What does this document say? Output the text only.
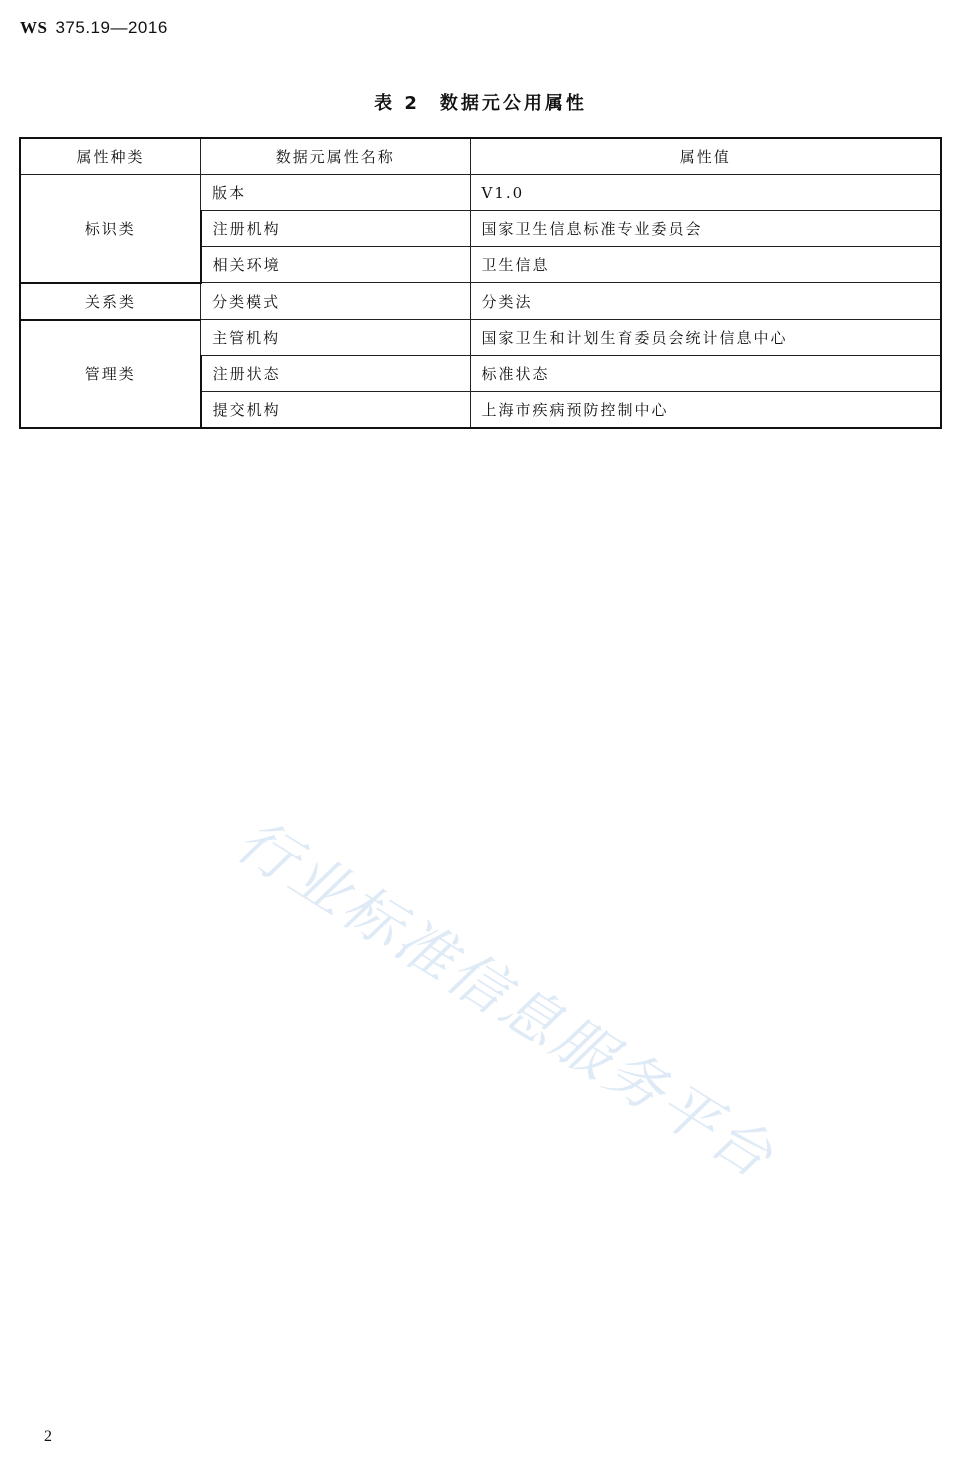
WS 375.19—2016
表 2 数据元公用属性
属性种类	数据元属性名称	属性值
标识类	版本	V1.0
	注册机构	国家卫生信息标准专业委员会
	相关环境	卫生信息
关系类	分类模式	分类法
管理类	主管机构	国家卫生和计划生育委员会统计信息中心
	注册状态	标准状态
	提交机构	上海市疾病预防控制中心
行业标准信息服务平台
2
